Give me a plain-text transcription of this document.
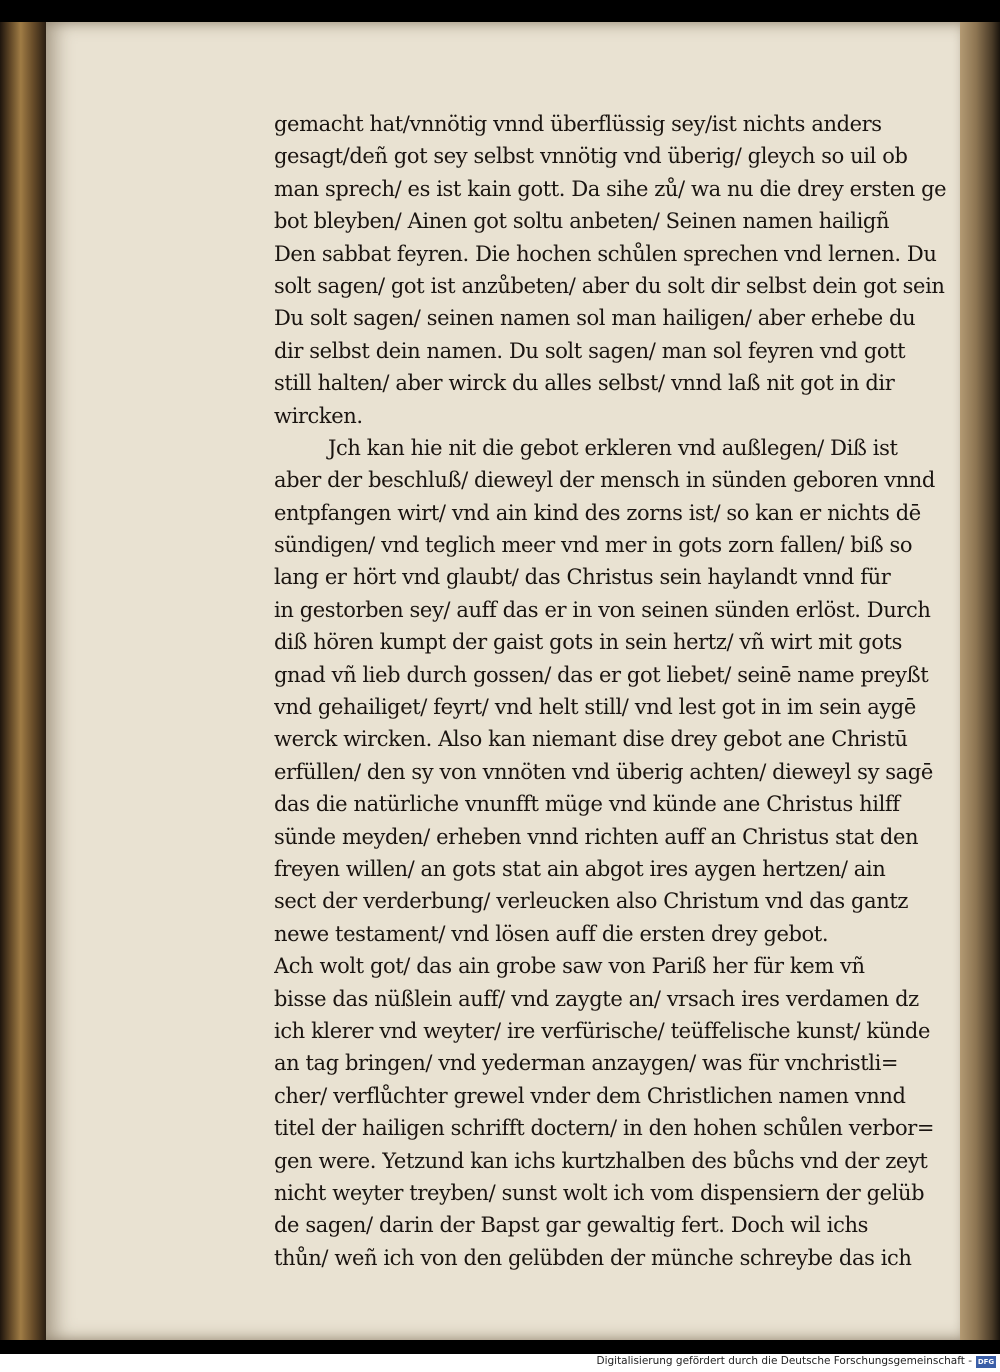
gemacht hat/vnnötig vnnd überflüssig sey/ist nichts anders
gesagt/deñ got sey selbst vnnötig vnd überig/ gleych so uil ob
man sprech/ es ist kain gott. Da sihe zů/ wa nu die drey ersten ge
bot bleyben/ Ainen got soltu anbeten/ Seinen namen hailigñ
Den sabbat feyren. Die hochen schůlen sprechen vnd lernen. Du
solt sagen/ got ist anzůbeten/ aber du solt dir selbst dein got sein
Du solt sagen/ seinen namen sol man hailigen/ aber erhebe du
dir selbst dein namen. Du solt sagen/ man sol feyren vnd gott
still halten/ aber wirck du alles selbst/ vnnd laß nit got in dir
wircken.
Jch kan hie nit die gebot erkleren vnd außlegen/ Diß ist
aber der beschluß/ dieweyl der mensch in sünden geboren vnnd
entpfangen wirt/ vnd ain kind des zorns ist/ so kan er nichts dē
sündigen/ vnd teglich meer vnd mer in gots zorn fallen/ biß so
lang er hört vnd glaubt/ das Christus sein haylandt vnnd für
in gestorben sey/ auff das er in von seinen sünden erlöst. Durch
diß hören kumpt der gaist gots in sein hertz/ vñ wirt mit gots
gnad vñ lieb durch gossen/ das er got liebet/ seinē name preyßt
vnd gehailiget/ feyrt/ vnd helt still/ vnd lest got in im sein aygē
werck wircken. Also kan niemant dise drey gebot ane Christū
erfüllen/ den sy von vnnöten vnd überig achten/ dieweyl sy sagē
das die natürliche vnunfft müge vnd künde ane Christus hilff
sünde meyden/ erheben vnnd richten auff an Christus stat den
freyen willen/ an gots stat ain abgot ires aygen hertzen/ ain
sect der verderbung/ verleucken also Christum vnd das gantz
newe testament/ vnd lösen auff die ersten drey gebot.
Ach wolt got/ das ain grobe saw von Pariß her für kem vñ
bisse das nüßlein auff/ vnd zaygte an/ vrsach ires verdamen dz
ich klerer vnd weyter/ ire verfürische/ teüffelische kunst/ künde
an tag bringen/ vnd yederman anzaygen/ was für vnchristli=
cher/ verflůchter grewel vnder dem Christlichen namen vnnd
titel der hailigen schrifft doctern/ in den hohen schůlen verbor=
gen were. Yetzund kan ichs kurtzhalben des bůchs vnd der zeyt
nicht weyter treyben/ sunst wolt ich vom dispensiern der gelüb
de sagen/ darin der Bapst gar gewaltig fert. Doch wil ichs
thůn/ weñ ich von den gelübden der münche schreybe das ich
Digitalisierung gefördert durch die Deutsche Forschungsgemeinschaft - DFG
